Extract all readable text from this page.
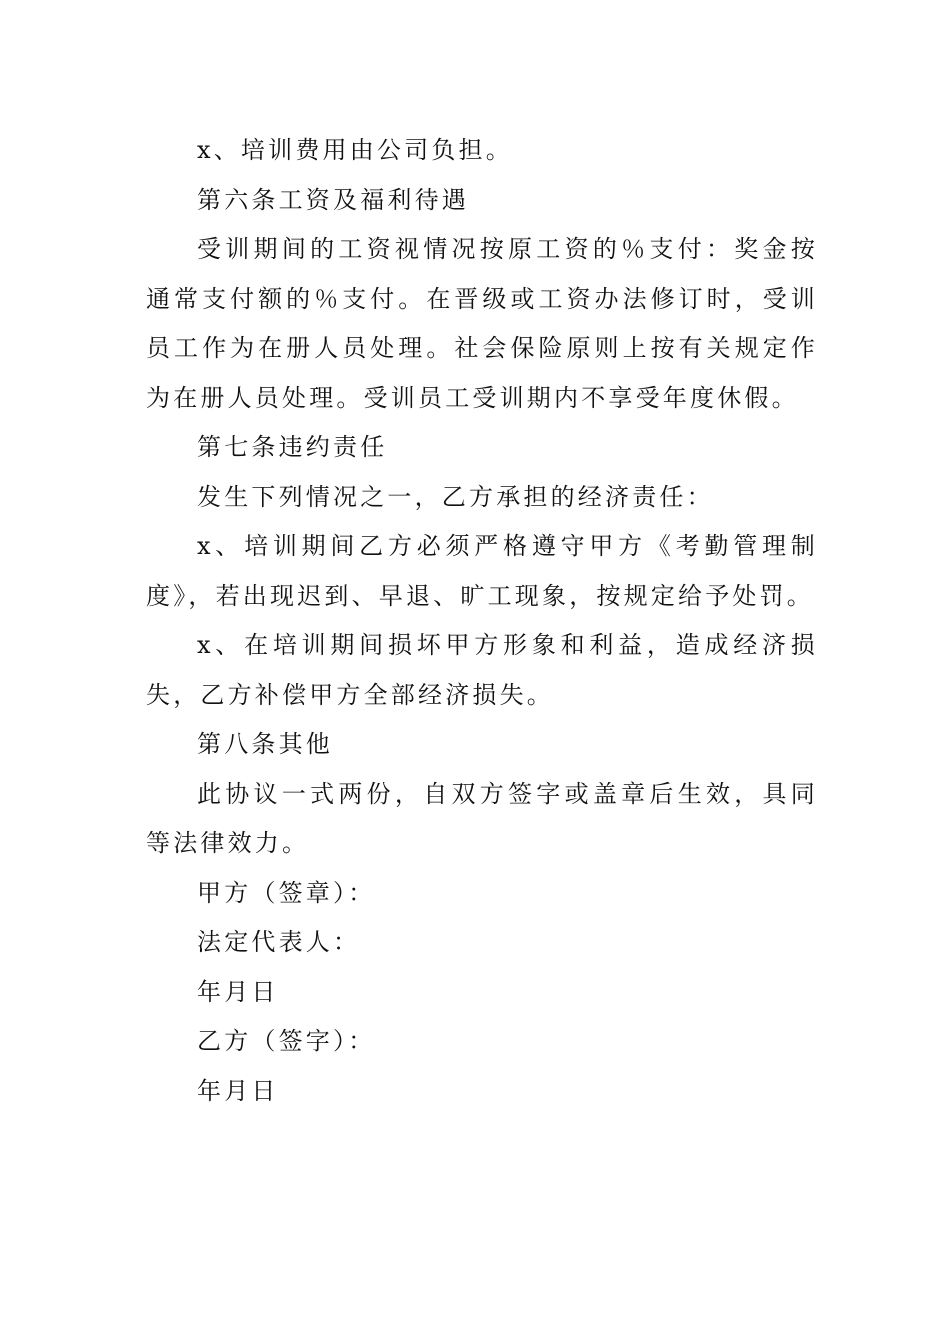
x、培训费用由公司负担。

第六条工资及福利待遇

受训期间的工资视情况按原工资的％支付：奖金按通常支付额的％支付。在晋级或工资办法修订时，受训员工作为在册人员处理。社会保险原则上按有关规定作为在册人员处理。受训员工受训期内不享受年度休假。

第七条违约责任

发生下列情况之一，乙方承担的经济责任：

x、培训期间乙方必须严格遵守甲方《考勤管理制度》，若出现迟到、早退、旷工现象，按规定给予处罚。

x、在培训期间损坏甲方形象和利益，造成经济损失，乙方补偿甲方全部经济损失。

第八条其他

此协议一式两份，自双方签字或盖章后生效，具同等法律效力。

甲方（签章）：

法定代表人：

年月日

乙方（签字）：

年月日
